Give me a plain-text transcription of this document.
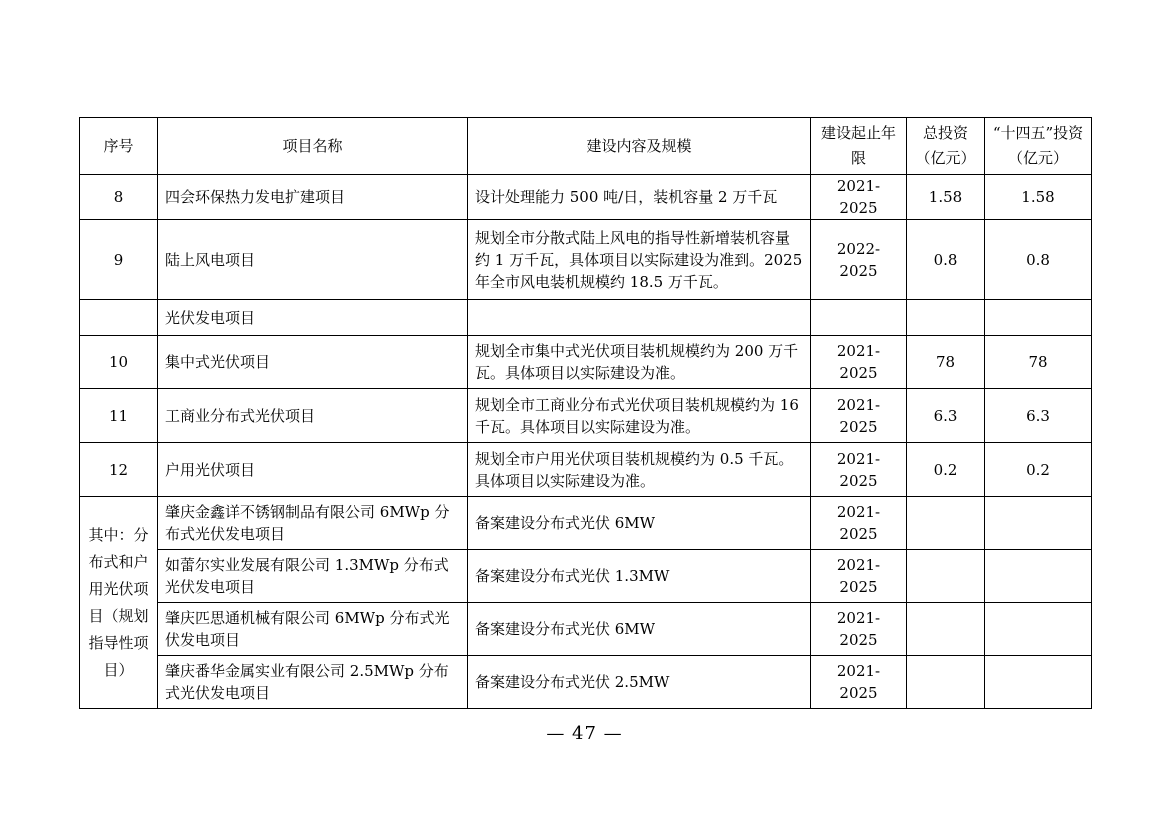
序号	项目名称	建设内容及规模	建设起止年限	总投资（亿元）	“十四五”投资（亿元）
8	四会环保热力发电扩建项目	设计处理能力 500 吨/日，装机容量 2 万千瓦	2021-2025	1.58	1.58
9	陆上风电项目	规划全市分散式陆上风电的指导性新增装机容量约 1 万千瓦，具体项目以实际建设为准到。2025 年全市风电装机规模约 18.5 万千瓦。	2022-2025	0.8	0.8
	光伏发电项目				
10	集中式光伏项目	规划全市集中式光伏项目装机规模约为 200 万千瓦。具体项目以实际建设为准。	2021-2025	78	78
11	工商业分布式光伏项目	规划全市工商业分布式光伏项目装机规模约为 16 千瓦。具体项目以实际建设为准。	2021-2025	6.3	6.3
12	户用光伏项目	规划全市户用光伏项目装机规模约为 0.5 千瓦。具体项目以实际建设为准。	2021-2025	0.2	0.2
其中：分布式和户用光伏项目（规划指导性项目）	肇庆金鑫详不锈钢制品有限公司 6MWp 分布式光伏发电项目	备案建设分布式光伏 6MW	2021-2025		
	如蕾尔实业发展有限公司 1.3MWp 分布式光伏发电项目	备案建设分布式光伏 1.3MW	2021-2025		
	肇庆匹思通机械有限公司 6MWp 分布式光伏发电项目	备案建设分布式光伏 6MW	2021-2025		
	肇庆番华金属实业有限公司 2.5MWp 分布式光伏发电项目	备案建设分布式光伏 2.5MW	2021-2025		
— 47 —
